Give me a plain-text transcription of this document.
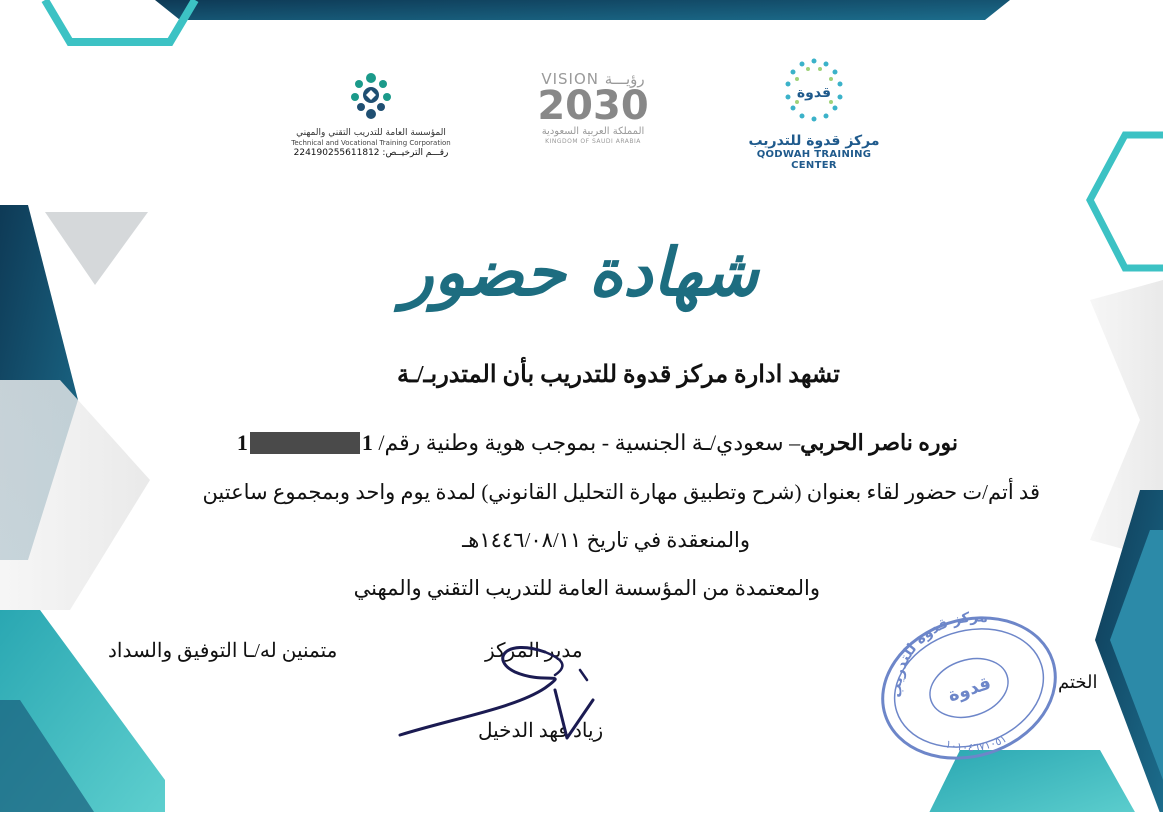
المؤسسة العامة للتدريب التقني والمهني
Technical and Vocational Training Corporation
رقـــم الترخيــص: 224190255611812
VISION رؤيـــة
2030
المملكة العربية السعودية
KINGDOM OF SAUDI ARABIA
قدوة
مركز قدوة للتدريب
QODWAH TRAINING CENTER
شهادة حضور
تشهد ادارة مركز قدوة للتدريب بأن المتدربـ/ـة
نوره ناصر الحربي– سعودي/ـة الجنسية - بموجب هوية وطنية رقم/ 11
قد أتم/ت حضور لقاء بعنوان (شرح وتطبيق مهارة التحليل القانوني) لمدة يوم واحد وبمجموع ساعتين
والمنعقدة في تاريخ ١٤٤٦/٠٨/١١هـ
والمعتمدة من المؤسسة العامة للتدريب التقني والمهني
متمنين له/ـا التوفيق والسداد	مدير المركز
زياد فهد الدخيل
الختم
مركز قدوة للتدريب
١٠١٠٤٦٧١٠٥١
قدوة
